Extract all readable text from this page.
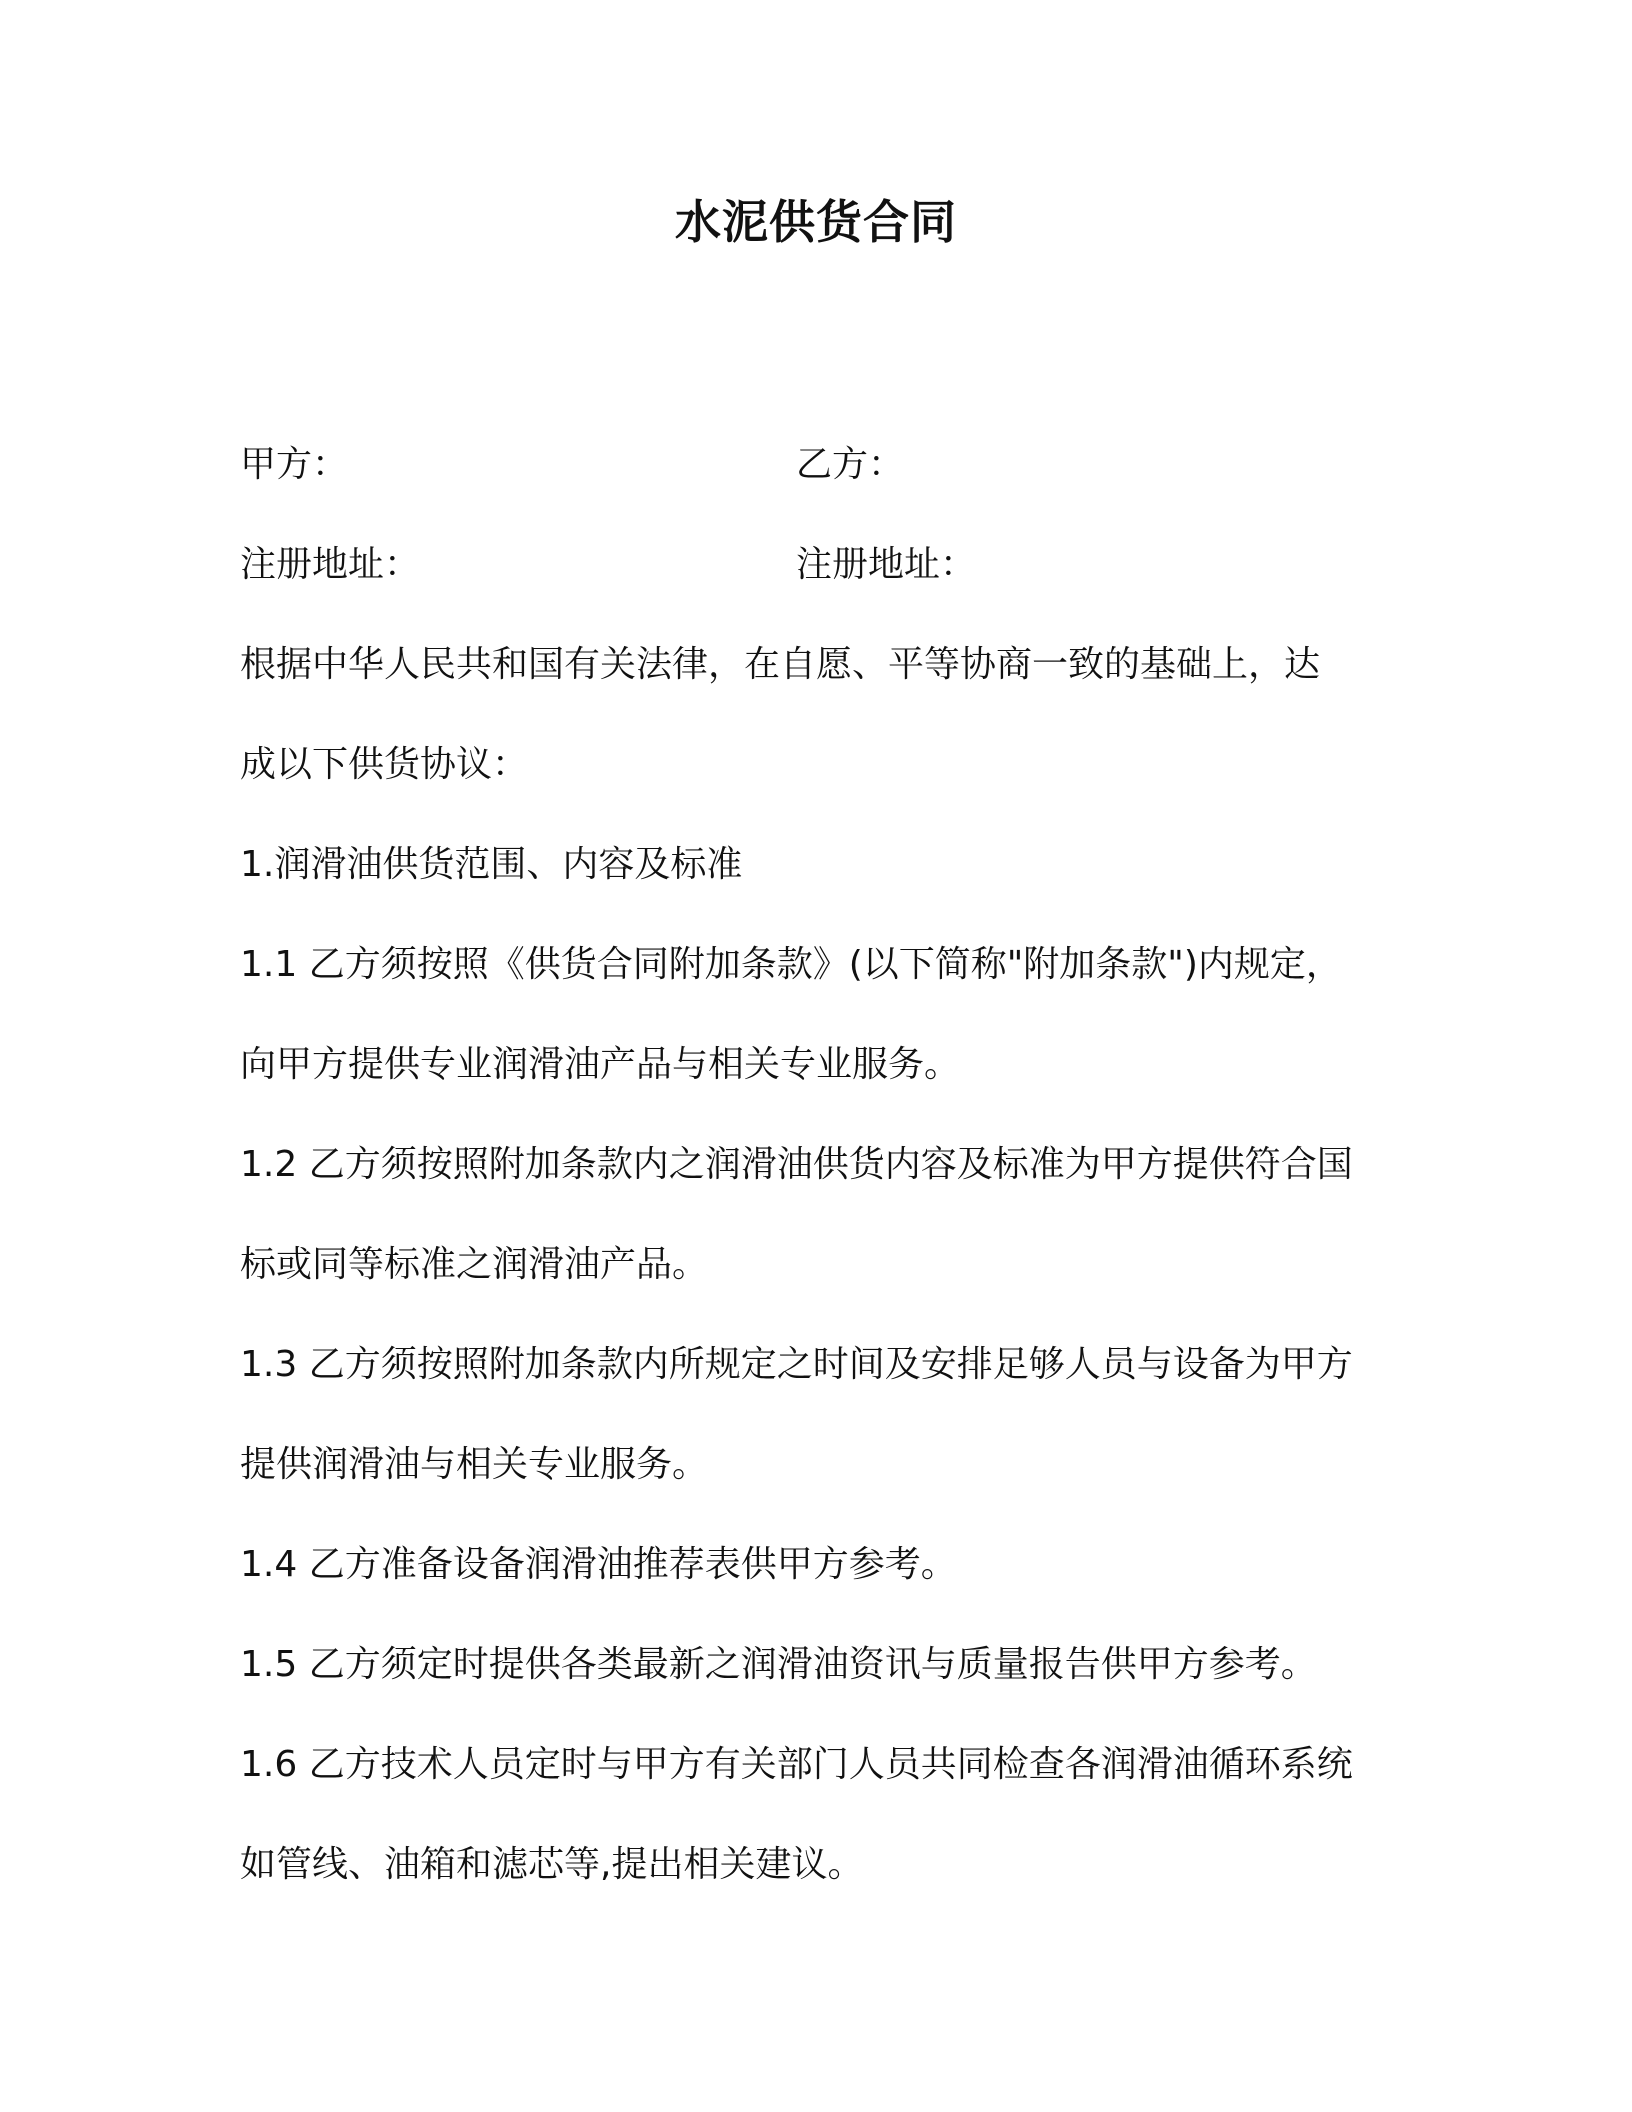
水泥供货合同
甲方：	乙方：
注册地址：	注册地址：
根据中华人民共和国有关法律，在自愿、平等协商一致的基础上，达
成以下供货协议：
1.润滑油供货范围、内容及标准
1.1 乙方须按照《供货合同附加条款》(以下简称"附加条款")内规定，
向甲方提供专业润滑油产品与相关专业服务。
1.2 乙方须按照附加条款内之润滑油供货内容及标准为甲方提供符合国
标或同等标准之润滑油产品。
1.3 乙方须按照附加条款内所规定之时间及安排足够人员与设备为甲方
提供润滑油与相关专业服务。
1.4 乙方准备设备润滑油推荐表供甲方参考。
1.5 乙方须定时提供各类最新之润滑油资讯与质量报告供甲方参考。
1.6 乙方技术人员定时与甲方有关部门人员共同检查各润滑油循环系统
如管线、油箱和滤芯等,提出相关建议。
